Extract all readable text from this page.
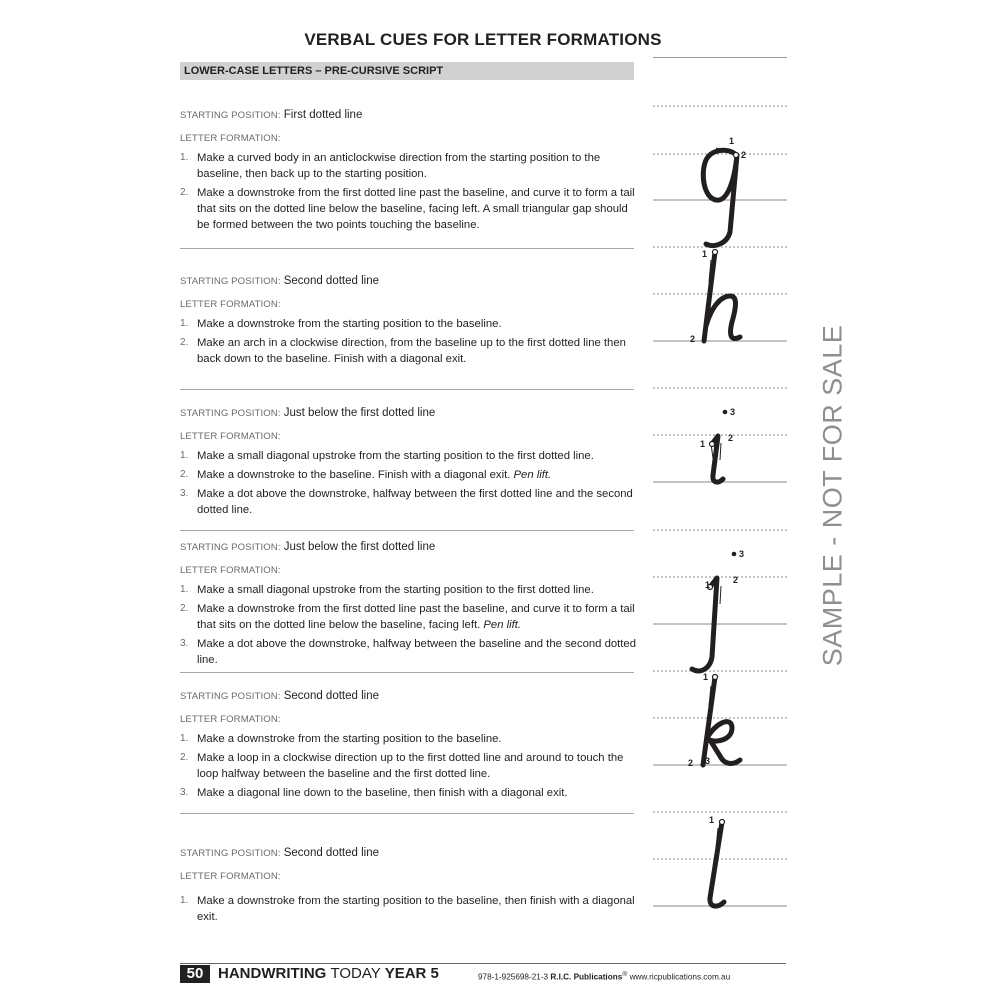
VERBAL CUES FOR LETTER FORMATIONS
LOWER-CASE LETTERS – PRE-CURSIVE SCRIPT

STARTING POSITION: First dotted line

LETTER FORMATION:
1. Make a curved body in an anticlockwise direction from the starting position to the baseline, then back up to the starting position.
2. Make a downstroke from the first dotted line past the baseline, and curve it to form a tail that sits on the dotted line below the baseline, facing left. A small triangular gap should be formed between the two points touching the baseline.

STARTING POSITION: Second dotted line

LETTER FORMATION:
1. Make a downstroke from the starting position to the baseline.
2. Make an arch in a clockwise direction, from the baseline up to the first dotted line then back down to the baseline. Finish with a diagonal exit.

STARTING POSITION: Just below the first dotted line

LETTER FORMATION:
1. Make a small diagonal upstroke from the starting position to the first dotted line.
2. Make a downstroke to the baseline. Finish with a diagonal exit. Pen lift.
3. Make a dot above the downstroke, halfway between the first dotted line and the second dotted line.

STARTING POSITION: Just below the first dotted line

LETTER FORMATION:
1. Make a small diagonal upstroke from the starting position to the first dotted line.
2. Make a downstroke from the first dotted line past the baseline, and curve it to form a tail that sits on the dotted line below the baseline, facing left. Pen lift.
3. Make a dot above the downstroke, halfway between the baseline and the second dotted line.

STARTING POSITION: Second dotted line

LETTER FORMATION:
1. Make a downstroke from the starting position to the baseline.
2. Make a loop in a clockwise direction up to the first dotted line and around to touch the loop halfway between the baseline and the first dotted line.
3. Make a diagonal line down to the baseline, then finish with a diagonal exit.

STARTING POSITION: Second dotted line

LETTER FORMATION:
1. Make a downstroke from the starting position to the baseline, then finish with a diagonal exit.
1
2
1
2
1
2
3
1	2
3
1
2 3
1
SAMPLE - NOT FOR SALE
50 HANDWRITING TODAY YEAR 5	978-1-925698-21-3 R.I.C. Publications® www.ricpublications.com.au
